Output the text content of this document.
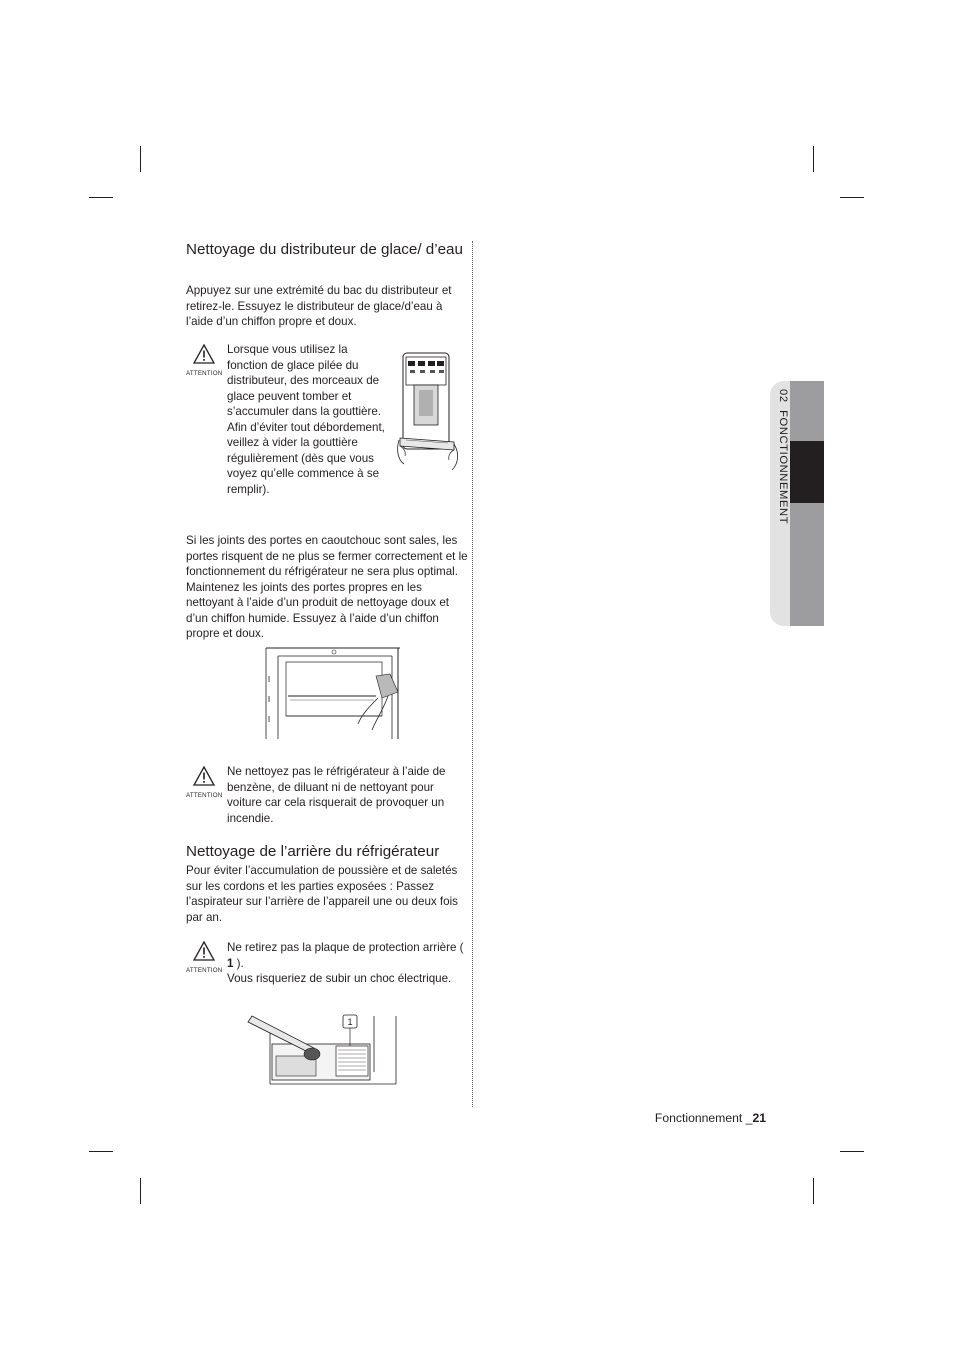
Nettoyage du distributeur de glace/ d’eau

Appuyez sur une extrémité du bac du distributeur et retirez-le. Essuyez le distributeur de glace/d’eau à l’aide d’un chiffon propre et doux.

ATTENTION

Lorsque vous utilisez la fonction de glace pilée du distributeur, des morceaux de glace peuvent tomber et s’accumuler dans la gouttière. Afin d’éviter tout débordement, veillez à vider la gouttière régulièrement (dès que vous voyez qu’elle commence à se remplir).

Si les joints des portes en caoutchouc sont sales, les portes risquent de ne plus se fermer correctement et le fonctionnement du réfrigérateur ne sera plus optimal. Maintenez les joints des portes propres en les nettoyant à l’aide d’un produit de nettoyage doux et d’un chiffon humide. Essuyez à l’aide d’un chiffon propre et doux.

ATTENTION

Ne nettoyez pas le réfrigérateur à l’aide de benzène, de diluant ni de nettoyant pour voiture car cela risquerait de provoquer un incendie.

Nettoyage de l’arrière du réfrigérateur

Pour éviter l’accumulation de poussière et de saletés sur les cordons et les parties exposées : Passez l’aspirateur sur l’arrière de l’appareil une ou deux fois par an.

ATTENTION

Ne retirez pas la plaque de protection arrière ( 1 ).
Vous risqueriez de subir un choc électrique.

1
02  FONCTIONNEMENT
Fonctionnement _21
